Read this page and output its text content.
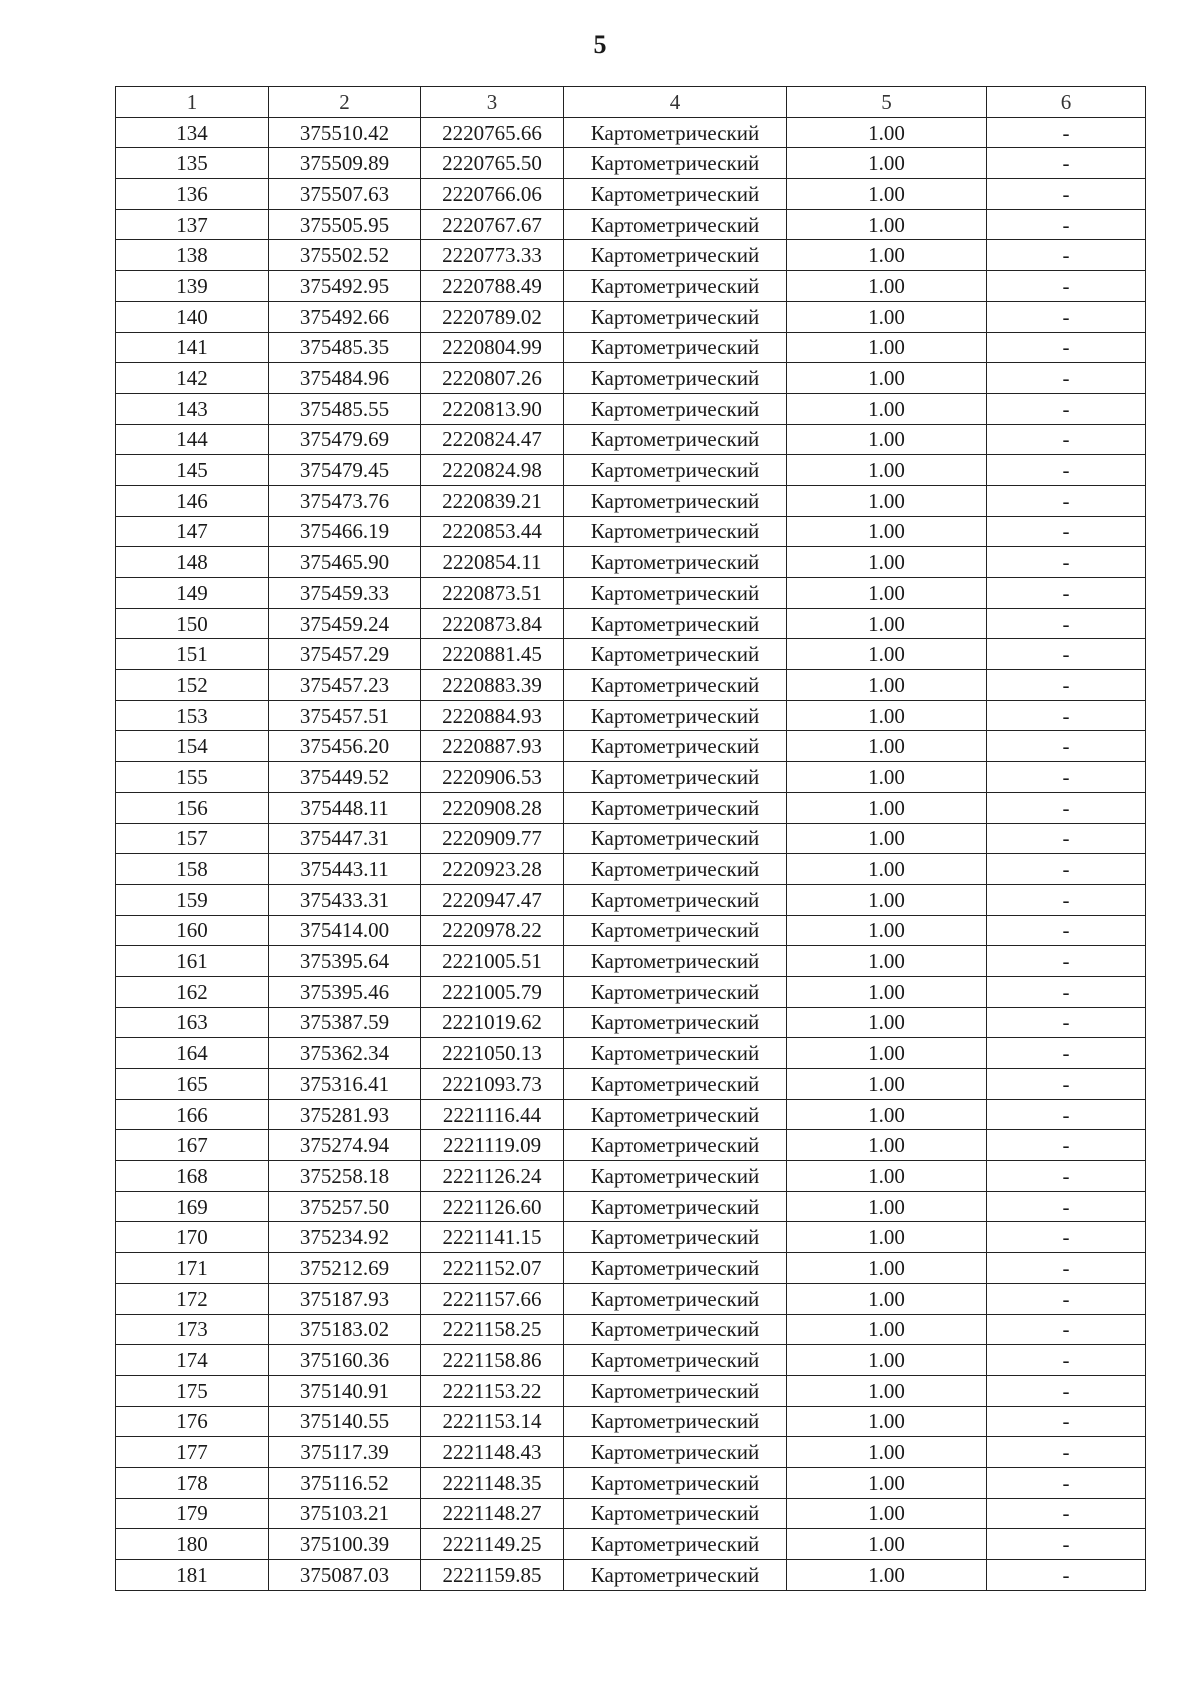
5
1	2	3	4	5	6
134	375510.42	2220765.66	Картометрический	1.00	-
135	375509.89	2220765.50	Картометрический	1.00	-
136	375507.63	2220766.06	Картометрический	1.00	-
137	375505.95	2220767.67	Картометрический	1.00	-
138	375502.52	2220773.33	Картометрический	1.00	-
139	375492.95	2220788.49	Картометрический	1.00	-
140	375492.66	2220789.02	Картометрический	1.00	-
141	375485.35	2220804.99	Картометрический	1.00	-
142	375484.96	2220807.26	Картометрический	1.00	-
143	375485.55	2220813.90	Картометрический	1.00	-
144	375479.69	2220824.47	Картометрический	1.00	-
145	375479.45	2220824.98	Картометрический	1.00	-
146	375473.76	2220839.21	Картометрический	1.00	-
147	375466.19	2220853.44	Картометрический	1.00	-
148	375465.90	2220854.11	Картометрический	1.00	-
149	375459.33	2220873.51	Картометрический	1.00	-
150	375459.24	2220873.84	Картометрический	1.00	-
151	375457.29	2220881.45	Картометрический	1.00	-
152	375457.23	2220883.39	Картометрический	1.00	-
153	375457.51	2220884.93	Картометрический	1.00	-
154	375456.20	2220887.93	Картометрический	1.00	-
155	375449.52	2220906.53	Картометрический	1.00	-
156	375448.11	2220908.28	Картометрический	1.00	-
157	375447.31	2220909.77	Картометрический	1.00	-
158	375443.11	2220923.28	Картометрический	1.00	-
159	375433.31	2220947.47	Картометрический	1.00	-
160	375414.00	2220978.22	Картометрический	1.00	-
161	375395.64	2221005.51	Картометрический	1.00	-
162	375395.46	2221005.79	Картометрический	1.00	-
163	375387.59	2221019.62	Картометрический	1.00	-
164	375362.34	2221050.13	Картометрический	1.00	-
165	375316.41	2221093.73	Картометрический	1.00	-
166	375281.93	2221116.44	Картометрический	1.00	-
167	375274.94	2221119.09	Картометрический	1.00	-
168	375258.18	2221126.24	Картометрический	1.00	-
169	375257.50	2221126.60	Картометрический	1.00	-
170	375234.92	2221141.15	Картометрический	1.00	-
171	375212.69	2221152.07	Картометрический	1.00	-
172	375187.93	2221157.66	Картометрический	1.00	-
173	375183.02	2221158.25	Картометрический	1.00	-
174	375160.36	2221158.86	Картометрический	1.00	-
175	375140.91	2221153.22	Картометрический	1.00	-
176	375140.55	2221153.14	Картометрический	1.00	-
177	375117.39	2221148.43	Картометрический	1.00	-
178	375116.52	2221148.35	Картометрический	1.00	-
179	375103.21	2221148.27	Картометрический	1.00	-
180	375100.39	2221149.25	Картометрический	1.00	-
181	375087.03	2221159.85	Картометрический	1.00	-
